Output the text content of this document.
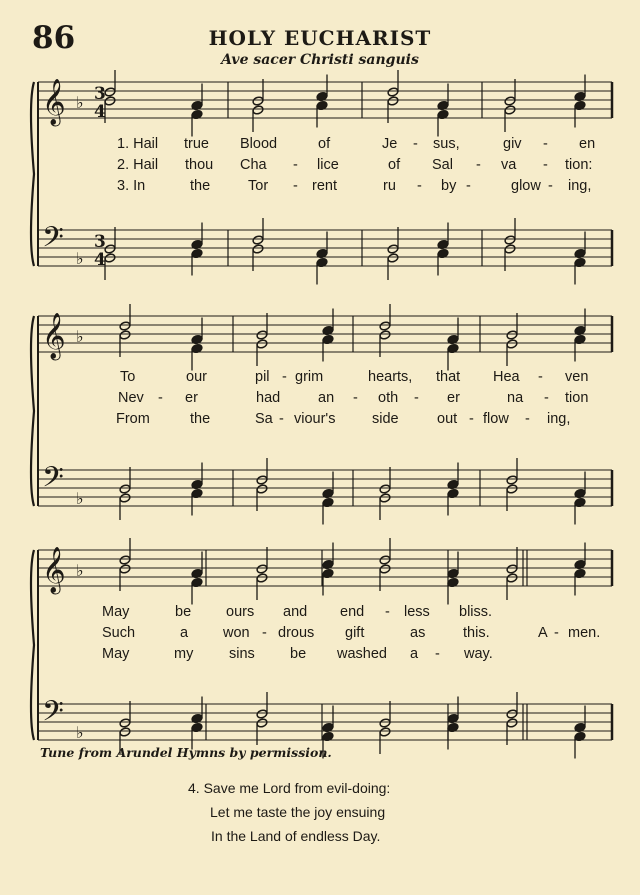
86	HOLY EUCHARIST
Ave sacer Christi sanguis
𝄞 ♭ 3
4
𝄢 ♭
3
4
𝄞 ♭
𝄢 ♭
𝄞 ♭
𝄢 ♭
1. Hail true Blood	of	Je - sus,	giv - en
2. Hail thou Cha - lice	of Sal - va - tion:
3. In	the	Tor - rent	ru - by -	glow - ing,
To	our	pil - grim	hearts, that Hea - ven
Nev - er	had	an - oth - er	na - tion
From	the	Sa - viour's	side	out - flow - ing,
May	be ours and end - less bliss.
Such	a won - drous gift	as	this.	A - men.
May	my sins be washed a - way.
Tune from Arundel Hymns by permission.
4. Save me Lord from evil-doing:
Let me taste the joy ensuing
In the Land of endless Day.
